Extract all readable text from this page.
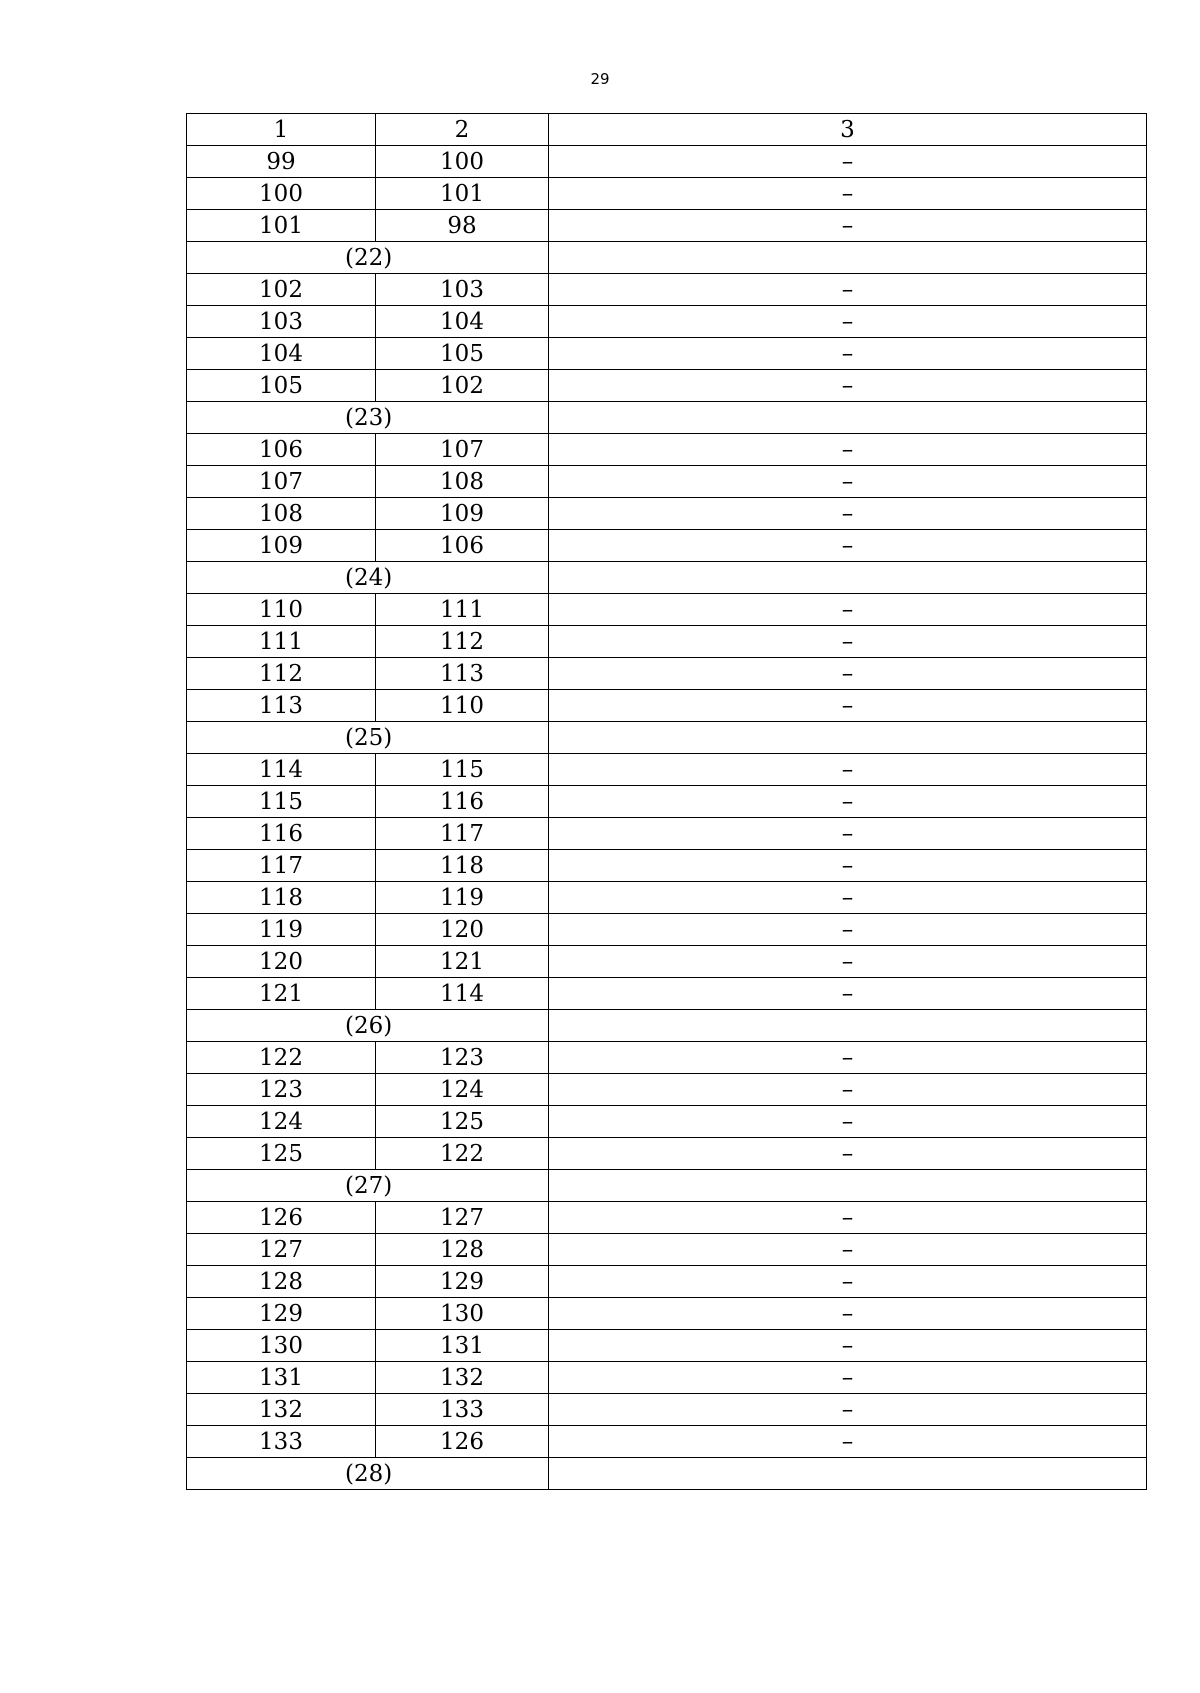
29
1	2	3
99	100	–
100	101	–
101	98	–
(22)		
102	103	–
103	104	–
104	105	–
105	102	–
(23)		
106	107	–
107	108	–
108	109	–
109	106	–
(24)		
110	111	–
111	112	–
112	113	–
113	110	–
(25)		
114	115	–
115	116	–
116	117	–
117	118	–
118	119	–
119	120	–
120	121	–
121	114	–
(26)		
122	123	–
123	124	–
124	125	–
125	122	–
(27)		
126	127	–
127	128	–
128	129	–
129	130	–
130	131	–
131	132	–
132	133	–
133	126	–
(28)		
